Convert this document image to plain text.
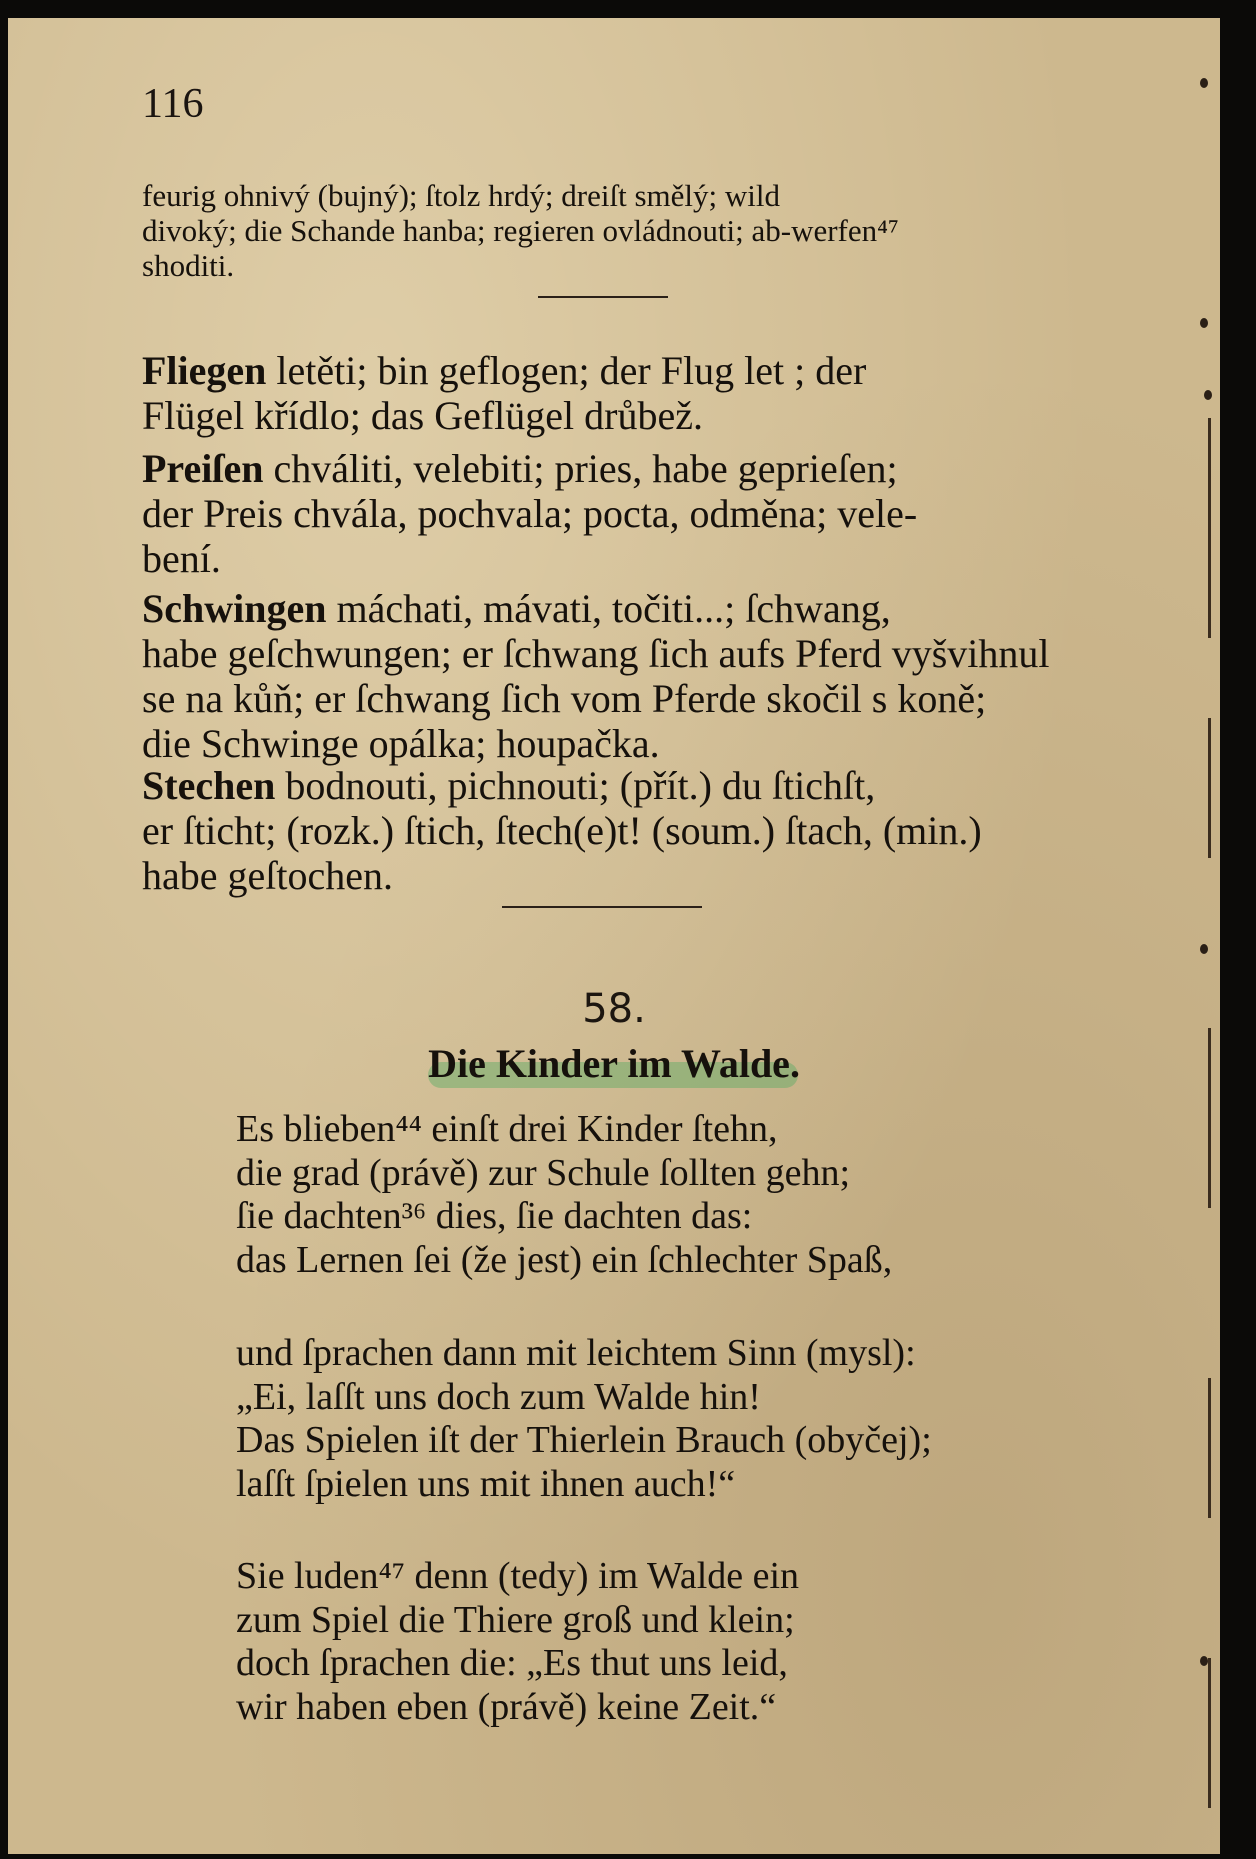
116
feurig ohnivý (bujný); ſtolz hrdý; dreiſt smělý; wild
divoký; die Schande hanba; regieren ovládnouti; ab-werfen⁴⁷
shoditi.
Fliegen letěti; bin geflogen; der Flug let ; der
Flügel křídlo; das Geflügel drůbež.
Preiſen chváliti, velebiti; pries, habe geprieſen;
der Preis chvála, pochvala; pocta, odměna; vele-
bení.
Schwingen máchati, mávati, točiti...; ſchwang,
habe geſchwungen; er ſchwang ſich aufs Pferd vyšvihnul
se na kůň; er ſchwang ſich vom Pferde skočil s koně;
die Schwinge opálka; houpačka.
Stechen bodnouti, pichnouti; (přít.) du ſtichſt,
er ſticht; (rozk.) ſtich, ſtech(e)t! (soum.) ſtach, (min.)
habe geſtochen.
58.
Die Kinder im Walde.
Es blieben⁴⁴ einſt drei Kinder ſtehn,
die grad (právě) zur Schule ſollten gehn;
ſie dachten³⁶ dies, ſie dachten das:
das Lernen ſei (že jest) ein ſchlechter Spaß,
und ſprachen dann mit leichtem Sinn (mysl):
„Ei, laſſt uns doch zum Walde hin!
Das Spielen iſt der Thierlein Brauch (obyčej);
laſſt ſpielen uns mit ihnen auch!“
Sie luden⁴⁷ denn (tedy) im Walde ein
zum Spiel die Thiere groß und klein;
doch ſprachen die: „Es thut uns leid,
wir haben eben (právě) keine Zeit.“
